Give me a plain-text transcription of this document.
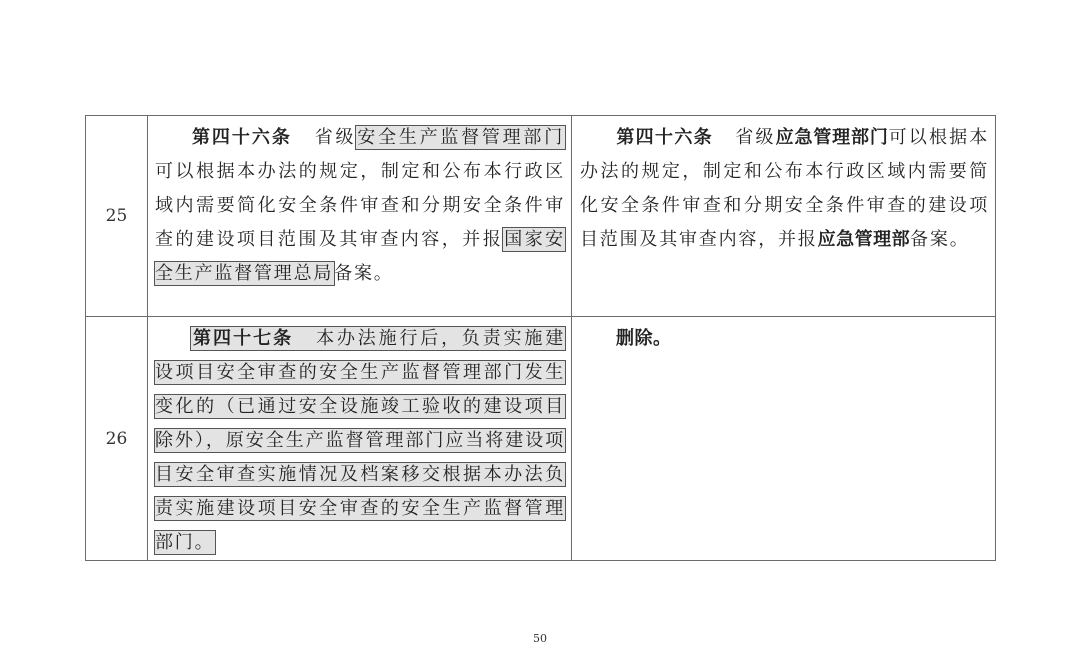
25	第四十六条 省级安全生产监督管理部门可以根据本办法的规定，制定和公布本行政区域内需要简化安全条件审查和分期安全条件审查的建设项目范围及其审查内容，并报国家安全生产监督管理总局备案。	第四十六条 省级应急管理部门可以根据本办法的规定，制定和公布本行政区域内需要简化安全条件审查和分期安全条件审查的建设项目范围及其审查内容，并报应急管理部备案。

26	第四十七条 本办法施行后，负责实施建设项目安全审查的安全生产监督管理部门发生变化的（已通过安全设施竣工验收的建设项目除外），原安全生产监督管理部门应当将建设项目安全审查实施情况及档案移交根据本办法负责实施建设项目安全审查的安全生产监督管理部门。	删除。
50
